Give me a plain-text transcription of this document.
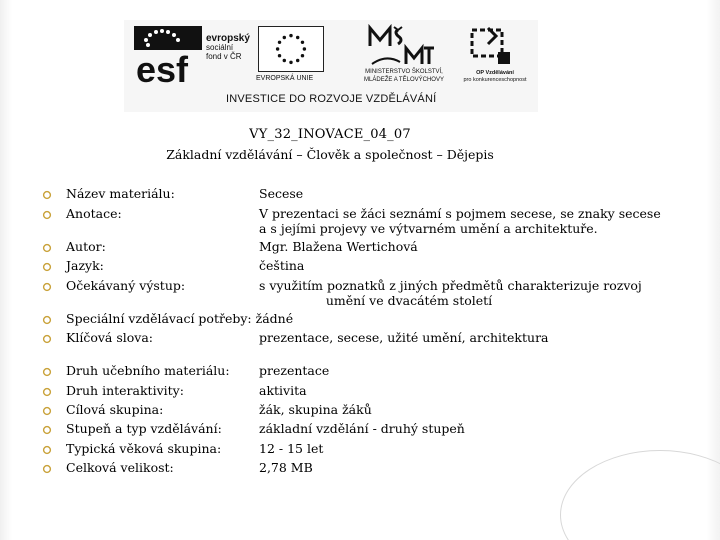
esf
evropský
sociální
fond v ČR
EVROPSKÁ UNIE
MINISTERSTVO ŠKOLSTVÍ,
MLÁDEŽE A TĚLOVÝCHOVY
OP Vzdělávání
pro konkurenceschopnost
INVESTICE DO ROZVOJE VZDĚLÁVÁNÍ
VY_32_INOVACE_04_07
Základní vzdělávání – Člověk a společnost – Dějepis
Název materiálu:	Secese
Anotace:	V prezentaci se žáci seznámí s pojmem secese, se znaky secese
a s jejími projevy ve výtvarném umění a architektuře.
Autor:	Mgr. Blažena Wertichová
Jazyk:	čeština
Očekávaný výstup:	s využitím poznatků z jiných předmětů charakterizuje rozvoj
umění ve dvacátém století
Speciální vzdělávací potřeby: žádné
Klíčová slova:	prezentace, secese, užité umění, architektura
Druh učebního materiálu: prezentace
Druh interaktivity:	aktivita
Cílová skupina:	žák, skupina žáků
Stupeň a typ vzdělávání:	základní vzdělání - druhý stupeň
Typická věková skupina:	12 - 15 let
Celková velikost:	2,78 MB
